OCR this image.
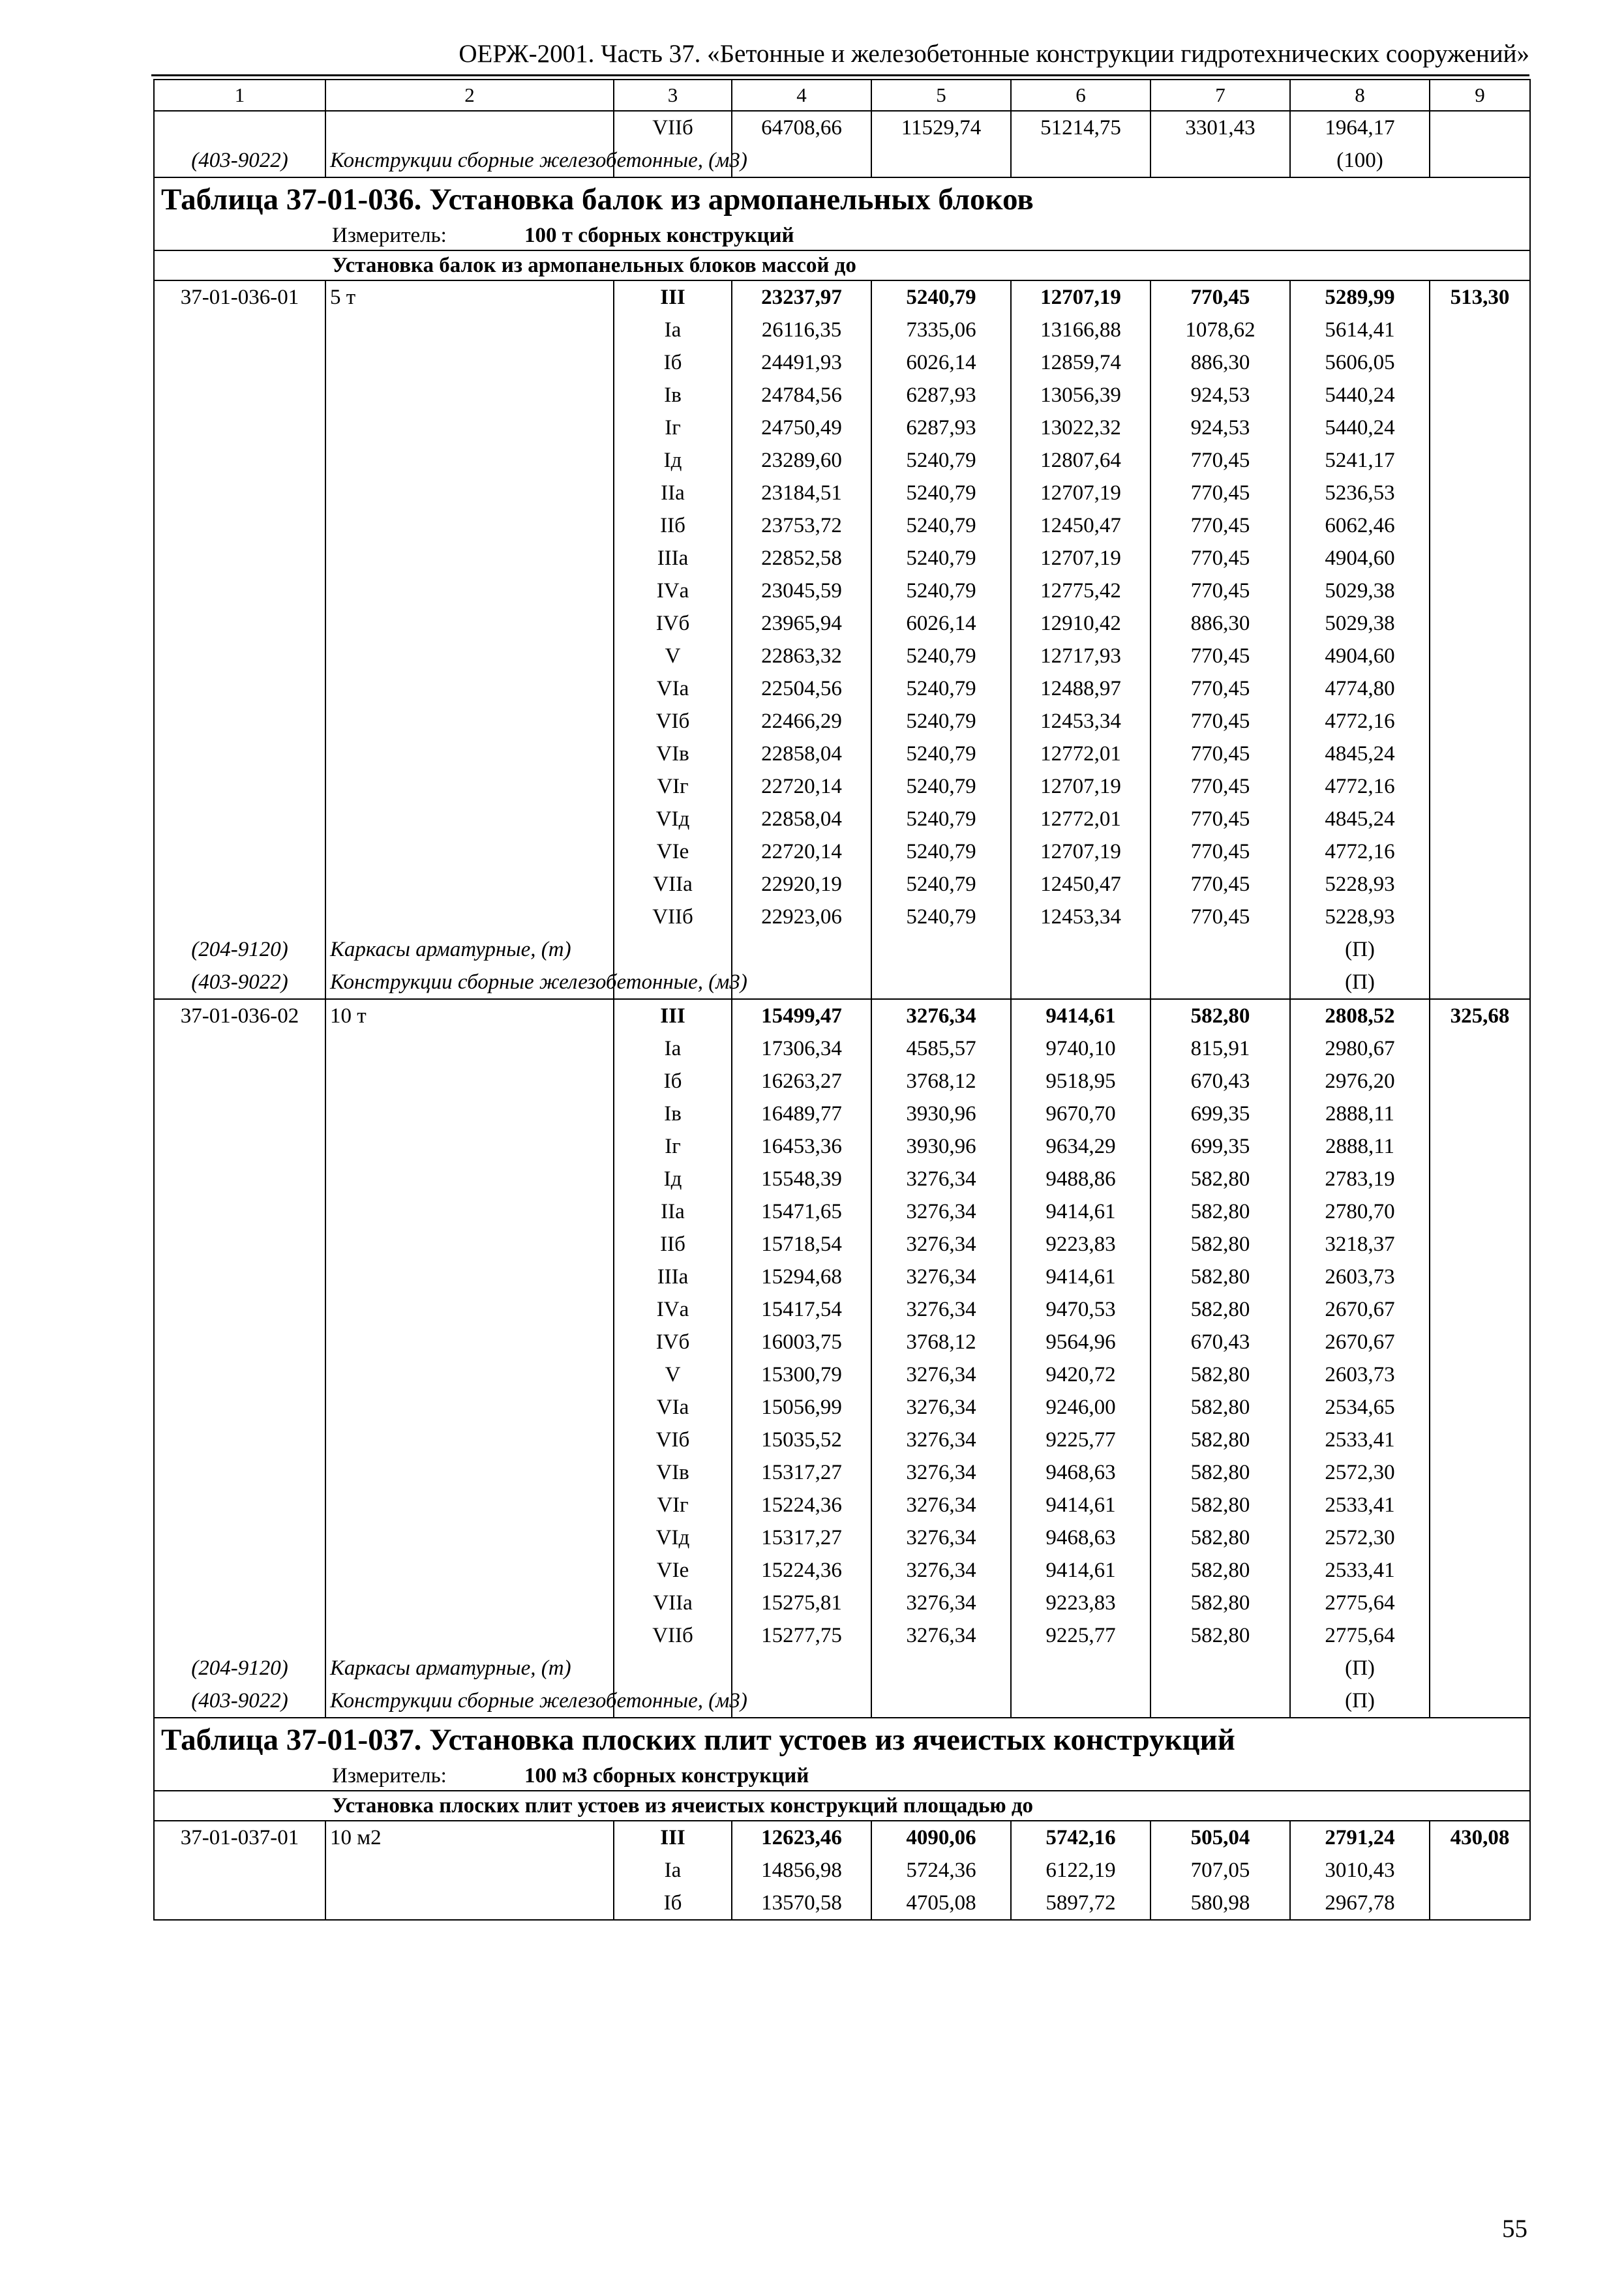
ОЕРЖ-2001. Часть 37. «Бетонные и железобетонные конструкции гидротехнических сооружений»
1	2	3	4	5	6	7	8	9
		VIIб	64708,66	11529,74	51214,75	3301,43	1964,17	
(403-9022)	Конструкции сборные железобетонные, (м3)						(100)	
Таблица 37-01-036. Установка балок из армопанельных блоков								
Измеритель: 100 т сборных конструкций								
Установка балок из армопанельных блоков массой до								
37-01-036-01	5 т	III	23237,97	5240,79	12707,19	770,45	5289,99	513,30
		Iа	26116,35	7335,06	13166,88	1078,62	5614,41	
		Iб	24491,93	6026,14	12859,74	886,30	5606,05	
		Iв	24784,56	6287,93	13056,39	924,53	5440,24	
		Iг	24750,49	6287,93	13022,32	924,53	5440,24	
		Iд	23289,60	5240,79	12807,64	770,45	5241,17	
		IIа	23184,51	5240,79	12707,19	770,45	5236,53	
		IIб	23753,72	5240,79	12450,47	770,45	6062,46	
		IIIа	22852,58	5240,79	12707,19	770,45	4904,60	
		IVа	23045,59	5240,79	12775,42	770,45	5029,38	
		IVб	23965,94	6026,14	12910,42	886,30	5029,38	
		V	22863,32	5240,79	12717,93	770,45	4904,60	
		VIа	22504,56	5240,79	12488,97	770,45	4774,80	
		VIб	22466,29	5240,79	12453,34	770,45	4772,16	
		VIв	22858,04	5240,79	12772,01	770,45	4845,24	
		VIг	22720,14	5240,79	12707,19	770,45	4772,16	
		VIд	22858,04	5240,79	12772,01	770,45	4845,24	
		VIе	22720,14	5240,79	12707,19	770,45	4772,16	
		VIIа	22920,19	5240,79	12450,47	770,45	5228,93	
		VIIб	22923,06	5240,79	12453,34	770,45	5228,93	
(204-9120)	Каркасы арматурные, (т)						(П)	
(403-9022)	Конструкции сборные железобетонные, (м3)						(П)	
37-01-036-02	10 т	III	15499,47	3276,34	9414,61	582,80	2808,52	325,68
		Iа	17306,34	4585,57	9740,10	815,91	2980,67	
		Iб	16263,27	3768,12	9518,95	670,43	2976,20	
		Iв	16489,77	3930,96	9670,70	699,35	2888,11	
		Iг	16453,36	3930,96	9634,29	699,35	2888,11	
		Iд	15548,39	3276,34	9488,86	582,80	2783,19	
		IIа	15471,65	3276,34	9414,61	582,80	2780,70	
		IIб	15718,54	3276,34	9223,83	582,80	3218,37	
		IIIа	15294,68	3276,34	9414,61	582,80	2603,73	
		IVа	15417,54	3276,34	9470,53	582,80	2670,67	
		IVб	16003,75	3768,12	9564,96	670,43	2670,67	
		V	15300,79	3276,34	9420,72	582,80	2603,73	
		VIа	15056,99	3276,34	9246,00	582,80	2534,65	
		VIб	15035,52	3276,34	9225,77	582,80	2533,41	
		VIв	15317,27	3276,34	9468,63	582,80	2572,30	
		VIг	15224,36	3276,34	9414,61	582,80	2533,41	
		VIд	15317,27	3276,34	9468,63	582,80	2572,30	
		VIе	15224,36	3276,34	9414,61	582,80	2533,41	
		VIIа	15275,81	3276,34	9223,83	582,80	2775,64	
		VIIб	15277,75	3276,34	9225,77	582,80	2775,64	
(204-9120)	Каркасы арматурные, (т)						(П)	
(403-9022)	Конструкции сборные железобетонные, (м3)						(П)	
Таблица 37-01-037. Установка плоских плит устоев из ячеистых конструкций								
Измеритель: 100 м3 сборных конструкций								
Установка плоских плит устоев из ячеистых конструкций площадью до								
37-01-037-01	10 м2	III	12623,46	4090,06	5742,16	505,04	2791,24	430,08
		Iа	14856,98	5724,36	6122,19	707,05	3010,43	
		Iб	13570,58	4705,08	5897,72	580,98	2967,78	
55
